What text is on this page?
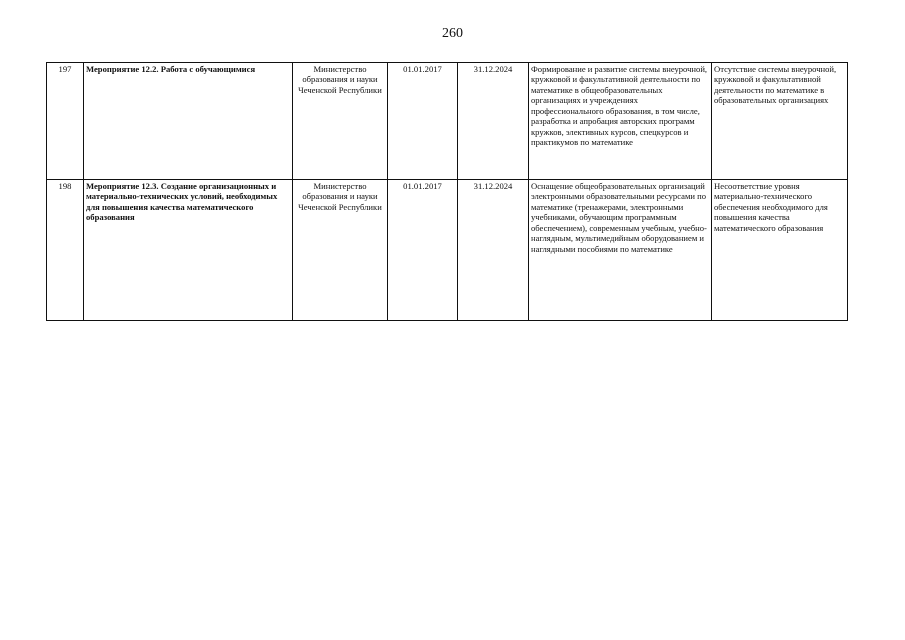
260
197	Мероприятие 12.2. Работа с обучающимися	Министерство образования и науки Чеченской Республики	01.01.2017	31.12.2024	Формирование и развитие системы внеурочной, кружковой и факультативной деятельности по математике в общеобразовательных организациях и учреждениях профессионального образования, в том числе, разработка и апробация авторских программ кружков, элективных курсов, спецкурсов и практикумов по математике	Отсутствие системы внеурочной, кружковой и факультативной деятельности по математике в образовательных организациях
198	Мероприятие 12.3. Создание организационных и материально-технических условий, необходимых для повышения качества математического образования	Министерство образования и науки Чеченской Республики	01.01.2017	31.12.2024	Оснащение общеобразовательных организаций электронными образовательными ресурсами по математике (тренажерами, электронными учебниками, обучающим программным обеспечением), современным учебным, учебно-наглядным, мультимедийным оборудованием и наглядными пособиями по математике	Несоответствие уровня материально-технического обеспечения необходимого для повышения качества математического образования
